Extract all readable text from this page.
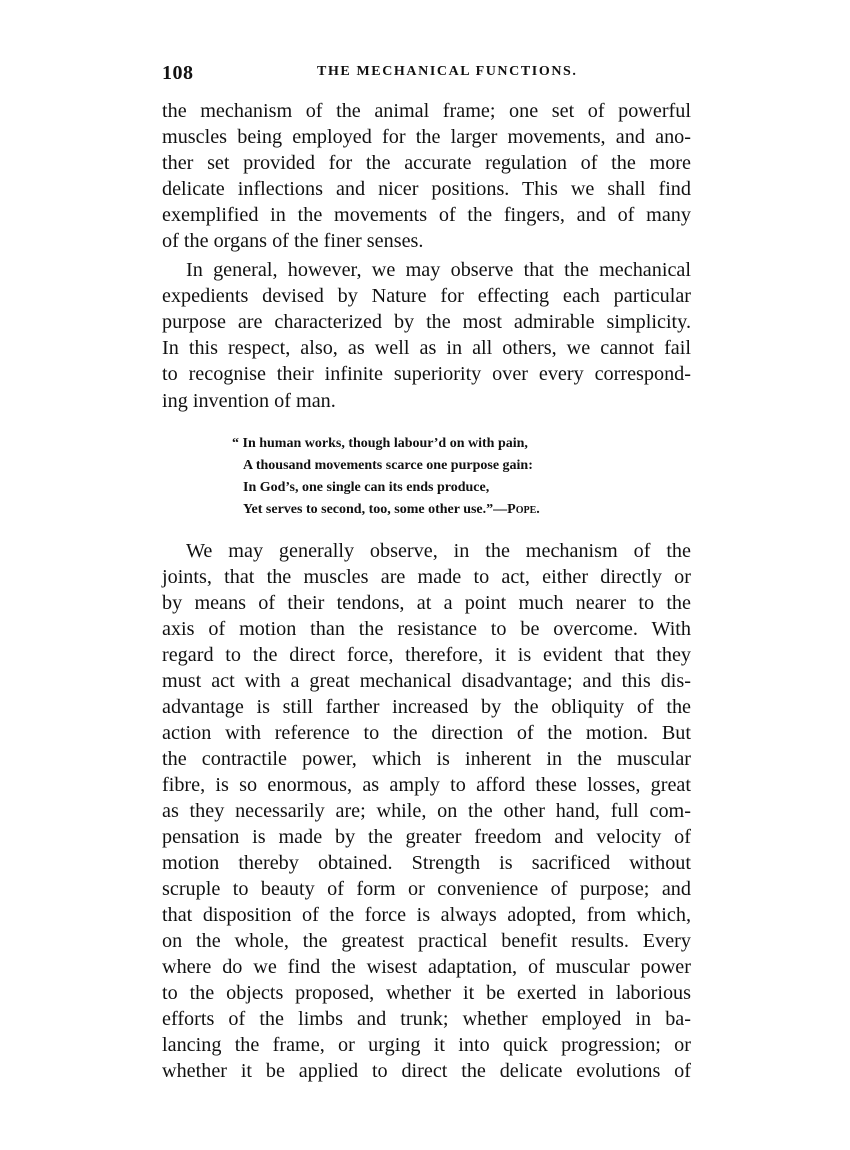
108	THE MECHANICAL FUNCTIONS.
the mechanism of the animal frame; one set of powerful
muscles being employed for the larger movements, and ano-
ther set provided for the accurate regulation of the more
delicate inflections and nicer positions. This we shall find
exemplified in the movements of the fingers, and of many
of the organs of the finer senses.
In general, however, we may observe that the mechanical
expedients devised by Nature for effecting each particular
purpose are characterized by the most admirable simplicity.
In this respect, also, as well as in all others, we cannot fail
to recognise their infinite superiority over every correspond-
ing invention of man.
“ In human works, though labour’d on with pain,
A thousand movements scarce one purpose gain:
In God’s, one single can its ends produce,
Yet serves to second, too, some other use.”—Pope.
We may generally observe, in the mechanism of the
joints, that the muscles are made to act, either directly or
by means of their tendons, at a point much nearer to the
axis of motion than the resistance to be overcome. With
regard to the direct force, therefore, it is evident that they
must act with a great mechanical disadvantage; and this dis-
advantage is still farther increased by the obliquity of the
action with reference to the direction of the motion. But
the contractile power, which is inherent in the muscular
fibre, is so enormous, as amply to afford these losses, great
as they necessarily are; while, on the other hand, full com-
pensation is made by the greater freedom and velocity of
motion thereby obtained. Strength is sacrificed without
scruple to beauty of form or convenience of purpose; and
that disposition of the force is always adopted, from which,
on the whole, the greatest practical benefit results. Every
where do we find the wisest adaptation, of muscular power
to the objects proposed, whether it be exerted in laborious
efforts of the limbs and trunk; whether employed in ba-
lancing the frame, or urging it into quick progression; or
whether it be applied to direct the delicate evolutions of
